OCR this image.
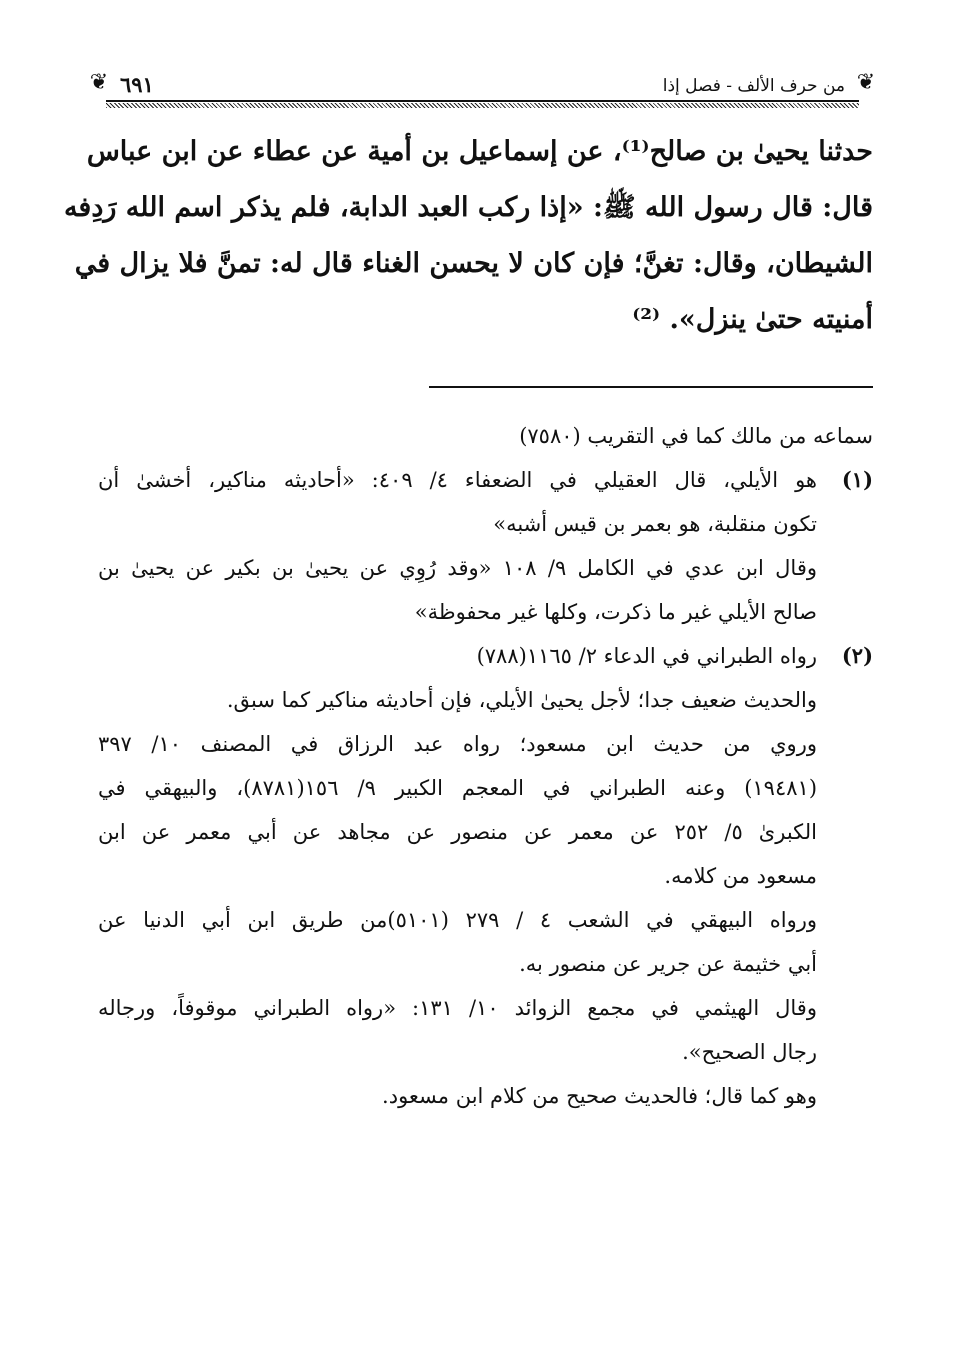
❦
من حرف الألف - فصل إذا
٦٩١
❦
حدثنا يحيىٰ بن صالح⁽¹⁾، عن إسماعيل بن أمية عن عطاء عن ابن عباس
قال: قال رسول الله ﷺ: «إذا ركب العبد الدابة، فلم يذكر اسم الله رَدِفه
الشيطان، وقال: تغنَّ؛ فإن كان لا يحسن الغناء قال له: تمنَّ فلا يزال في
أمنيته حتىٰ ينزل». ⁽²⁾
سماعه من مالك كما في التقريب (٧٥٨٠)
(١)
هو الأيلي، قال العقيلي في الضعفاء ٤/ ٤٠٩: «أحاديثه مناكير، أخشىٰ أن
تكون منقلبة، هو بعمر بن قيس أشبه»
وقال ابن عدي في الكامل ٩/ ١٠٨ «وقد رُوِي عن يحيىٰ بن بكير عن يحيىٰ بن
صالح الأيلي غير ما ذكرت، وكلها غير محفوظة»
(٢)
رواه الطبراني في الدعاء ٢/ ١١٦٥(٧٨٨)
والحديث ضعيف جدا؛ لأجل يحيىٰ الأيلي، فإن أحاديثه مناكير كما سبق.
وروي من حديث ابن مسعود؛ رواه عبد الرزاق في المصنف ١٠/ ٣٩٧
(١٩٤٨١) وعنه الطبراني في المعجم الكبير ٩/ ١٥٦(٨٧٨١)، والبيهقي في
الكبرىٰ ٥/ ٢٥٢ عن معمر عن منصور عن مجاهد عن أبي معمر عن ابن
مسعود من كلامه.
ورواه البيهقي في الشعب ٤ / ٢٧٩ (٥١٠١)من طريق ابن أبي الدنيا عن
أبي خثيمة عن جرير عن منصور به.
وقال الهيثمي في مجمع الزوائد ١٠/ ١٣١: «رواه الطبراني موقوفاً، ورجاله
رجال الصحيح».
وهو كما قال؛ فالحديث صحيح من كلام ابن مسعود.
